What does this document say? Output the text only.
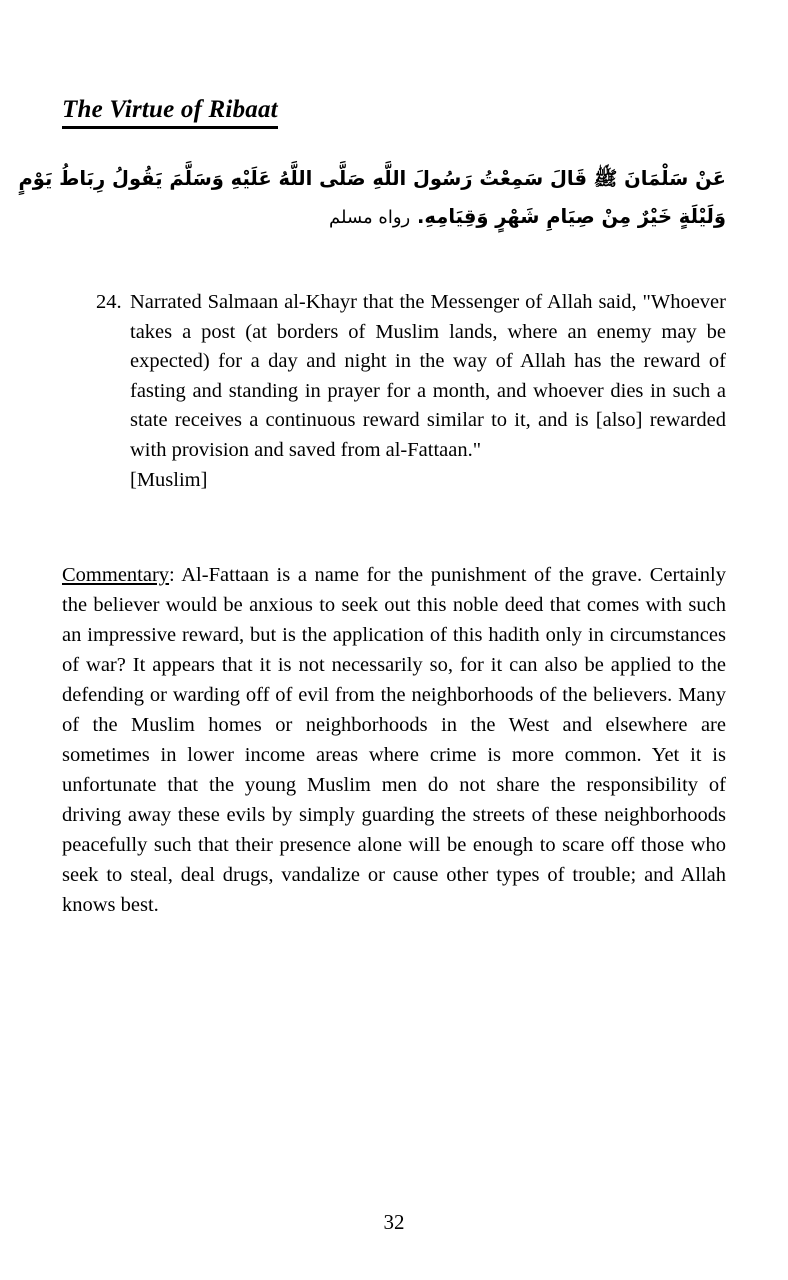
The Virtue of Ribaat
عَنْ سَلْمَانَ ﷺ قَالَ سَمِعْتُ رَسُولَ اللَّهِ صَلَّى اللَّهُ عَلَيْهِ وَسَلَّمَ يَقُولُ رِبَاطُ يَوْمٍ
وَلَيْلَةٍ خَيْرٌ مِنْ صِيَامِ شَهْرٍ وَقِيَامِهِ. رواه مسلم
24. Narrated Salmaan al-Khayr that the Messenger of Allah said, "Whoever takes a post (at borders of Muslim lands, where an enemy may be expected) for a day and night in the way of Allah has the reward of fasting and standing in prayer for a month, and whoever dies in such a state receives a continuous reward similar to it, and is [also] rewarded with provision and saved from al-Fattaan."
[Muslim]
Commentary: Al-Fattaan is a name for the punishment of the grave. Certainly the believer would be anxious to seek out this noble deed that comes with such an impressive reward, but is the application of this hadith only in circumstances of war? It appears that it is not necessarily so, for it can also be applied to the defending or warding off of evil from the neighborhoods of the believers. Many of the Muslim homes or neighborhoods in the West and elsewhere are sometimes in lower income areas where crime is more common. Yet it is unfortunate that the young Muslim men do not share the responsibility of driving away these evils by simply guarding the streets of these neighborhoods peacefully such that their presence alone will be enough to scare off those who seek to steal, deal drugs, vandalize or cause other types of trouble; and Allah knows best.
32
